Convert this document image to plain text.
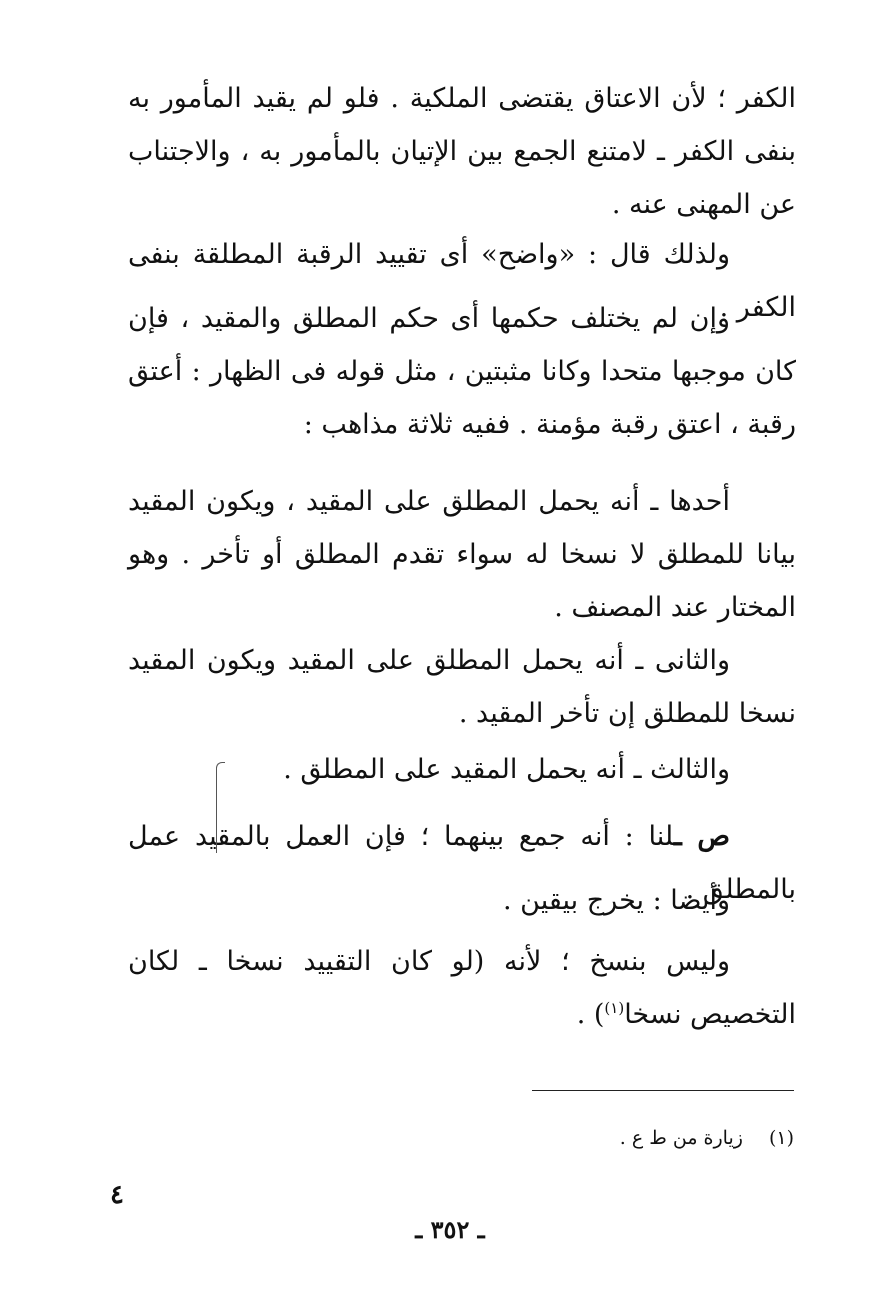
الكفر ؛ لأن الاعتاق يقتضى الملكية . فلو لم يقيد المأمور به بنفى الكفر ـ لامتنع الجمع بين الإتيان بالمأمور به ، والاجتناب عن المهنى عنه .

ولذلك قال : «واضح» أى تقييد الرقبة المطلقة بنفى الكفر .

وإن لم يختلف حكمها أى حكم المطلق والمقيد ، فإن كان موجبها متحدا وكانا مثبتين ، مثل قوله فى الظهار : أعتق رقبة ، اعتق رقبة مؤمنة . ففيه ثلاثة مذاهب :

أحدها ـ أنه يحمل المطلق على المقيد ، ويكون المقيد بيانا للمطلق لا نسخا له سواء تقدم المطلق أو تأخر . وهو المختار عند المصنف .

والثانى ـ أنه يحمل المطلق على المقيد ويكون المقيد نسخا للمطلق إن تأخر المقيد .

والثالث ـ أنه يحمل المقيد على المطلق .

ص ـلنا : أنه جمع بينهما ؛ فإن العمل بالمقيد عمل بالمطلق .

وأيضا : يخرج بيقين .

وليس بنسخ ؛ لأنه (لو كان التقييد نسخا ـ لكان التخصيص نسخا$^{(١)}$) .

(١)زيارة من ط ع .

٤
ـ ٣٥٢ ـ
